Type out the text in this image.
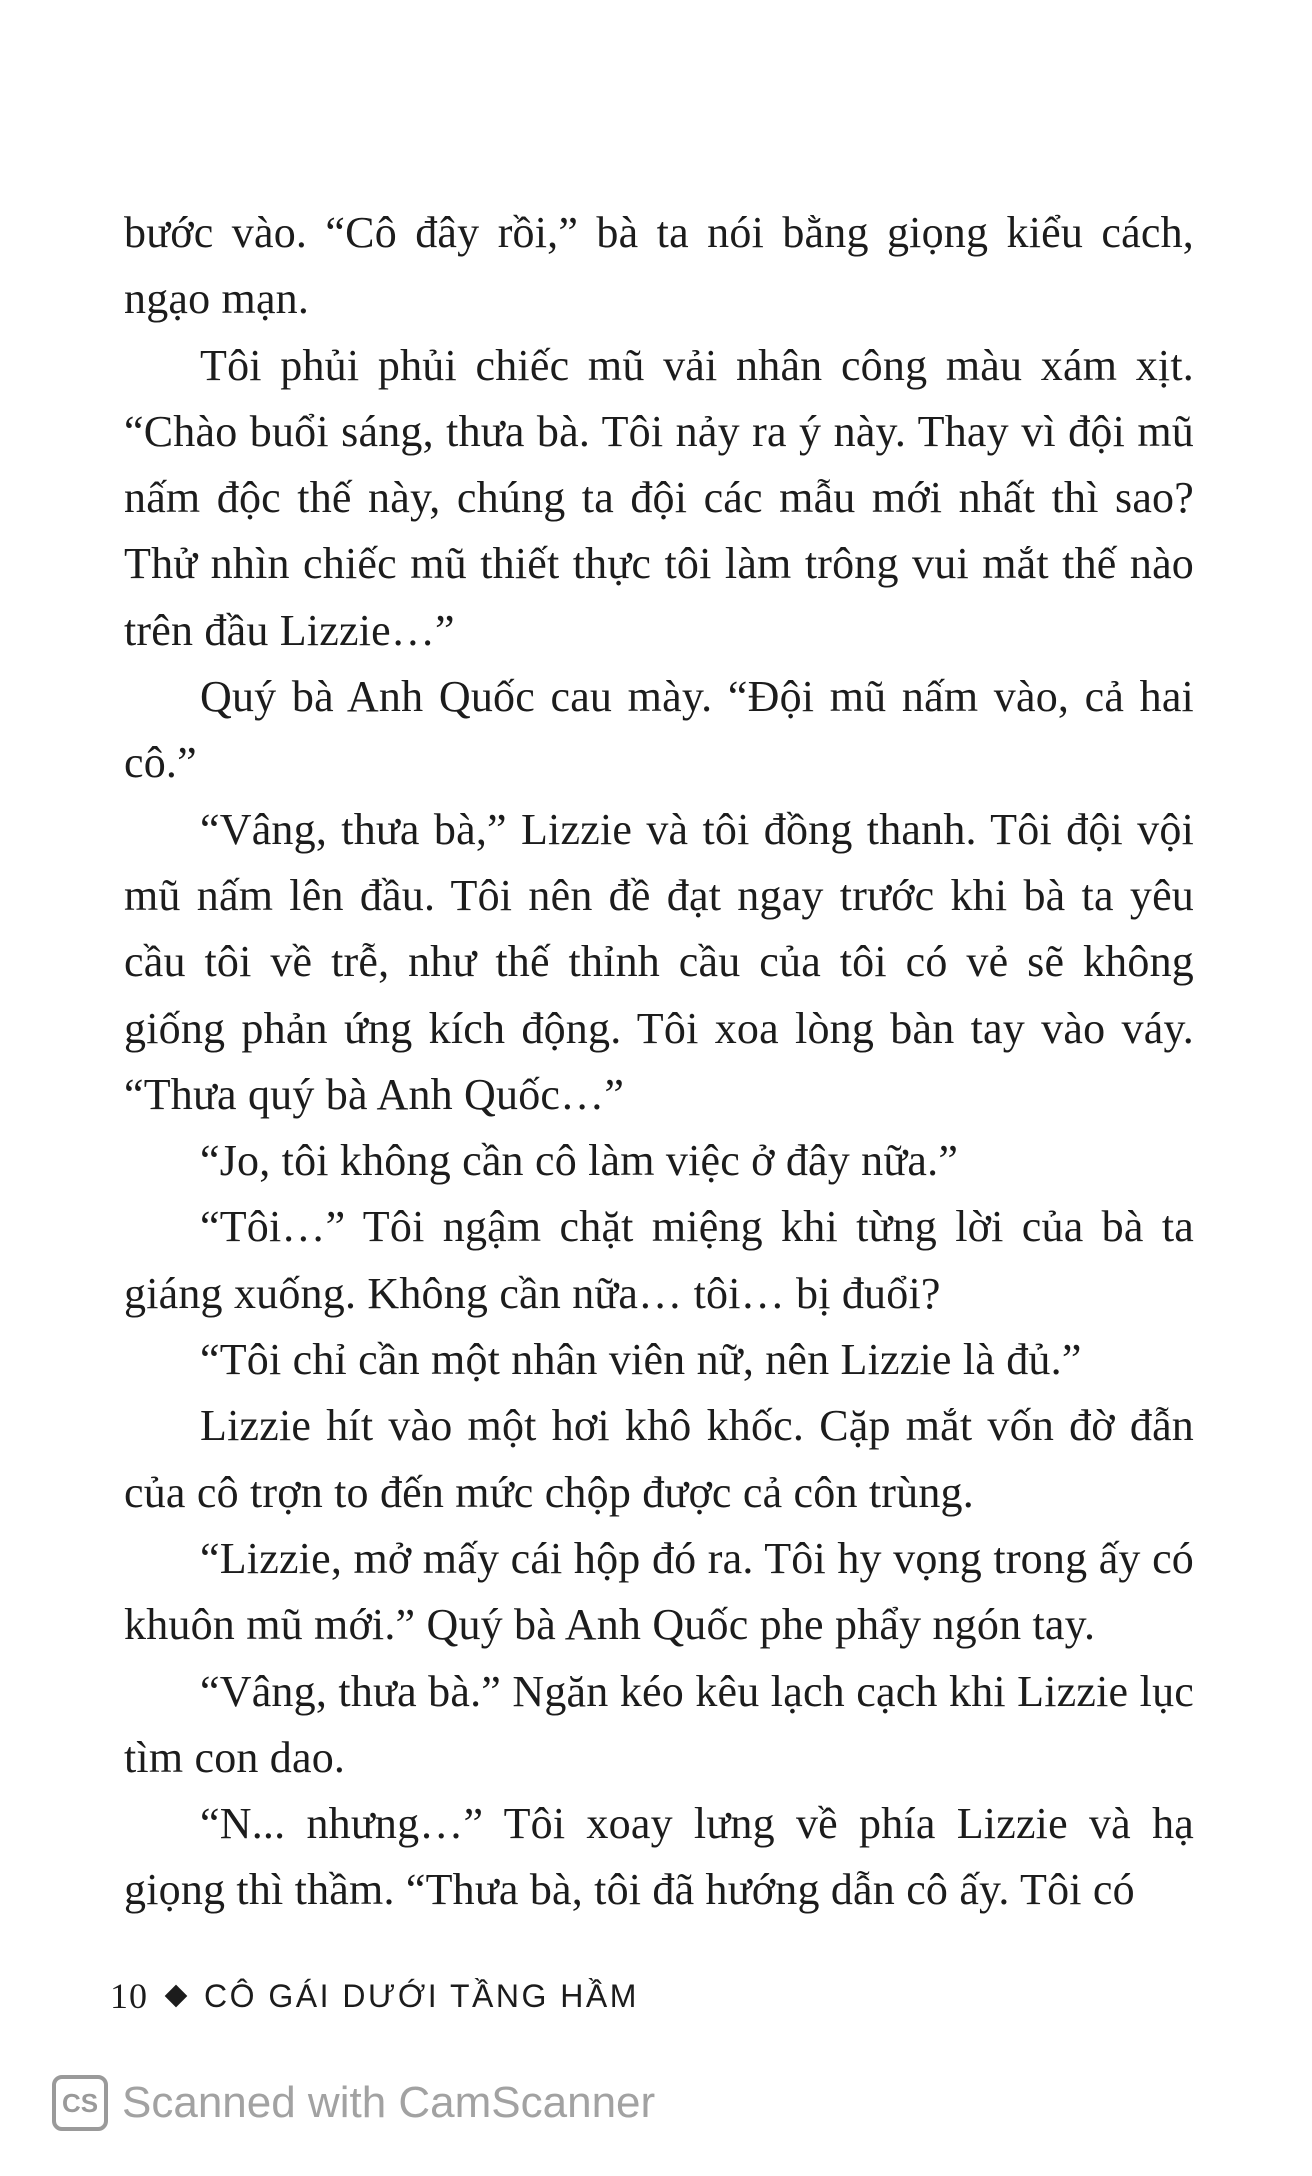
bước vào. “Cô đây rồi,” bà ta nói bằng giọng kiểu cách, ngạo mạn.

Tôi phủi phủi chiếc mũ vải nhân công màu xám xịt. “Chào buổi sáng, thưa bà. Tôi nảy ra ý này. Thay vì đội mũ nấm độc thế này, chúng ta đội các mẫu mới nhất thì sao? Thử nhìn chiếc mũ thiết thực tôi làm trông vui mắt thế nào trên đầu Lizzie…”

Quý bà Anh Quốc cau mày. “Đội mũ nấm vào, cả hai cô.”

“Vâng, thưa bà,” Lizzie và tôi đồng thanh. Tôi đội vội mũ nấm lên đầu. Tôi nên đề đạt ngay trước khi bà ta yêu cầu tôi về trễ, như thế thỉnh cầu của tôi có vẻ sẽ không giống phản ứng kích động. Tôi xoa lòng bàn tay vào váy. “Thưa quý bà Anh Quốc…”

“Jo, tôi không cần cô làm việc ở đây nữa.”

“Tôi…” Tôi ngậm chặt miệng khi từng lời của bà ta giáng xuống. Không cần nữa… tôi… bị đuổi?

“Tôi chỉ cần một nhân viên nữ, nên Lizzie là đủ.”

Lizzie hít vào một hơi khô khốc. Cặp mắt vốn đờ đẫn của cô trợn to đến mức chộp được cả côn trùng.

“Lizzie, mở mấy cái hộp đó ra. Tôi hy vọng trong ấy có khuôn mũ mới.” Quý bà Anh Quốc phe phẩy ngón tay.

“Vâng, thưa bà.” Ngăn kéo kêu lạch cạch khi Lizzie lục tìm con dao.

“N... nhưng…” Tôi xoay lưng về phía Lizzie và hạ giọng thì thầm. “Thưa bà, tôi đã hướng dẫn cô ấy. Tôi có

10 CÔ GÁI DƯỚI TẦNG HẦM
CS Scanned with CamScanner
